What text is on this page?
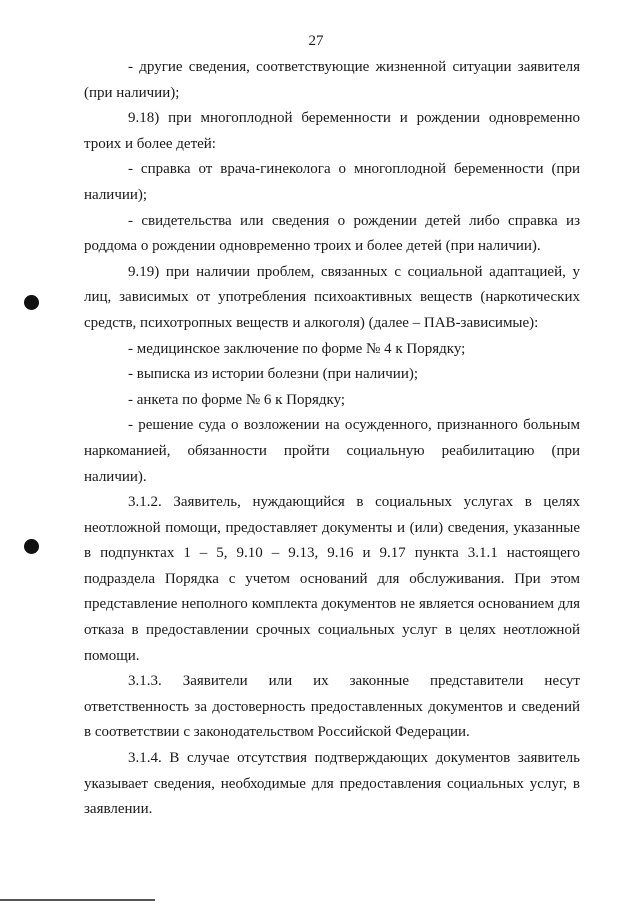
27

- другие сведения, соответствующие жизненной ситуации заявителя (при наличии);

9.18) при многоплодной беременности и рождении одновременно троих и более детей:

- справка от врача-гинеколога о многоплодной беременности (при наличии);

- свидетельства или сведения о рождении детей либо справка из роддома о рождении одновременно троих и более детей (при наличии).

9.19) при наличии проблем, связанных с социальной адаптацией, у лиц, зависимых от употребления психоактивных веществ (наркотических средств, психотропных веществ и алкоголя) (далее – ПАВ-зависимые):

- медицинское заключение по форме № 4 к Порядку;

- выписка из истории болезни (при наличии);

- анкета по форме № 6 к Порядку;

- решение суда о возложении на осужденного, признанного больным наркоманией, обязанности пройти социальную реабилитацию (при наличии).

3.1.2. Заявитель, нуждающийся в социальных услугах в целях неотложной помощи, предоставляет документы и (или) сведения, указанные в подпунктах 1 – 5, 9.10 – 9.13, 9.16 и 9.17 пункта 3.1.1 настоящего подраздела Порядка с учетом оснований для обслуживания. При этом представление неполного комплекта документов не является основанием для отказа в предоставлении срочных социальных услуг в целях неотложной помощи.

3.1.3. Заявители или их законные представители несут ответственность за достоверность предоставленных документов и сведений в соответствии с законодательством Российской Федерации.

3.1.4. В случае отсутствия подтверждающих документов заявитель указывает сведения, необходимые для предоставления социальных услуг, в заявлении.
